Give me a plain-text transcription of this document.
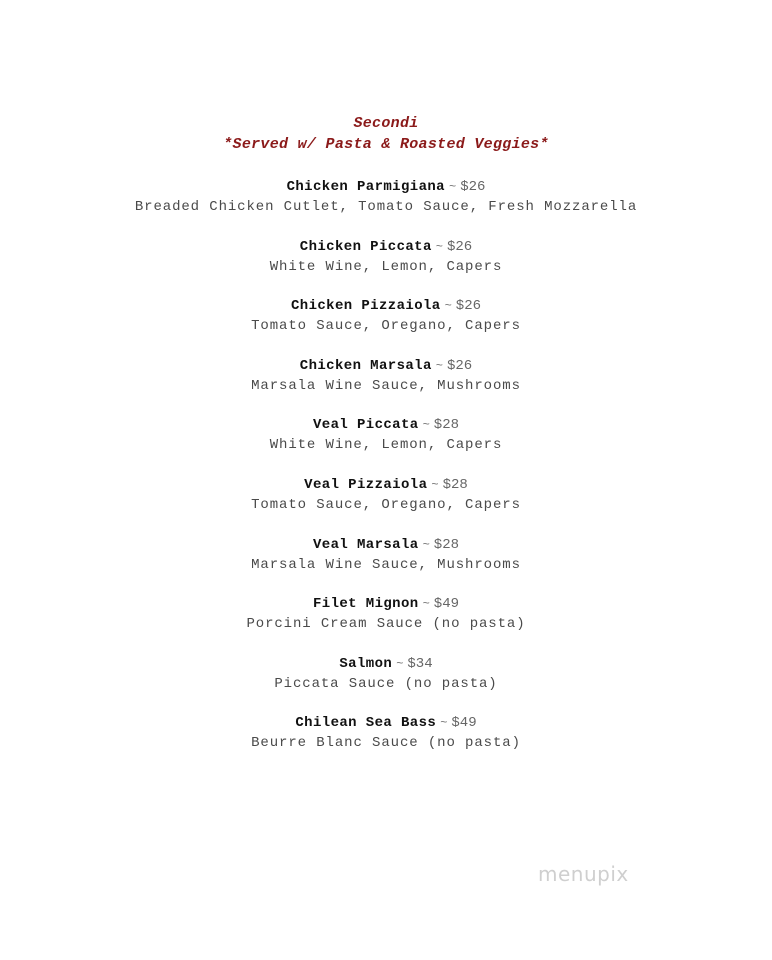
Secondi
*Served w/ Pasta & Roasted Veggies*
Chicken Parmigiana ~ $26
Breaded Chicken Cutlet, Tomato Sauce, Fresh Mozzarella
Chicken Piccata ~ $26
White Wine, Lemon, Capers
Chicken Pizzaiola ~ $26
Tomato Sauce, Oregano, Capers
Chicken Marsala ~ $26
Marsala Wine Sauce, Mushrooms
Veal Piccata ~ $28
White Wine, Lemon, Capers
Veal Pizzaiola ~ $28
Tomato Sauce, Oregano, Capers
Veal Marsala ~ $28
Marsala Wine Sauce, Mushrooms
Filet Mignon ~ $49
Porcini Cream Sauce (no pasta)
Salmon ~ $34
Piccata Sauce (no pasta)
Chilean Sea Bass ~ $49
Beurre Blanc Sauce (no pasta)
menupix
